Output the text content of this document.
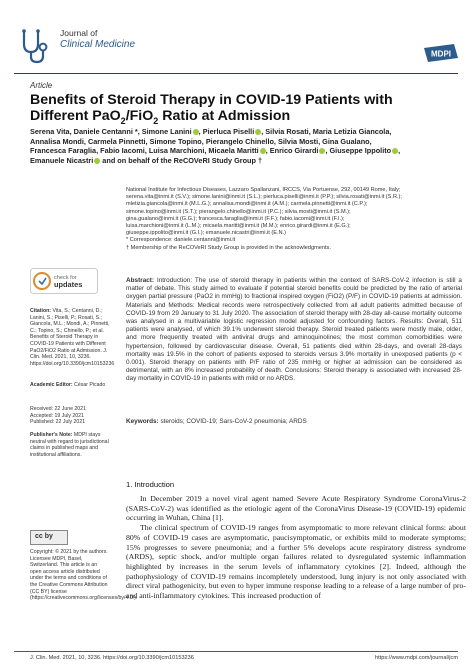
Journal of
Clinical Medicine
MDPI
Article
Benefits of Steroid Therapy in COVID-19 Patients with
Different PaO$_2$/FiO$_2$ Ratio at Admission
Serena Vita, Daniele Centanni *, Simone Lanini , Pierluca Piselli , Silvia Rosati, Maria Letizia Giancola,
Annalisa Mondi, Carmela Pinnetti, Simone Topino, Pierangelo Chinello, Silvia Mosti, Gina Gualano,
Francesca Faraglia, Fabio Iacomi, Luisa Marchioni, Micaela Maritti , Enrico Girardi , Giuseppe Ippolito ,
Emanuele Nicastri and on behalf of the ReCOVeRI Study Group †
check for
updates
Citation: Vita, S.; Centanni, D.; Lanini, S.; Piselli, P.; Rosati, S.; Giancola, M.L.; Mondi, A.; Pinnetti, C.; Topino, S.; Chinello, P.; et al. Benefits of Steroid Therapy in COVID-19 Patients with Different PaO2/FiO2 Ratio at Admission. J. Clin. Med. 2021, 10, 3236. https://doi.org/10.3390/jcm10153236
Academic Editor: César Picado
Received: 22 June 2021
Accepted: 19 July 2021
Published: 22 July 2021
Publisher's Note: MDPI stays neutral with regard to jurisdictional claims in published maps and institutional affiliations.
cc by
Copyright: © 2021 by the authors. Licensee MDPI, Basel, Switzerland. This article is an open access article distributed under the terms and conditions of the Creative Commons Attribution (CC BY) license (https://creativecommons.org/licenses/by/4.0/).
National Institute for Infectious Diseases, Lazzaro Spallanzani, IRCCS, Via Portuense, 292, 00149 Rome, Italy;
serena.vita@inmi.it (S.V.); simone.lanini@inmi.it (S.L.); pierluca.piselli@inmi.it (P.P.); silvia.rosati@inmi.it (S.R.);
mletizia.giancola@inmi.it (M.L.G.); annalisa.mondi@inmi.it (A.M.); carmela.pinnetti@inmi.it (C.P.);
simone.topino@inmi.it (S.T.); pierangelo.chinello@inmi.it (P.C.); silvia.mosti@inmi.it (S.M.);
gina.gualano@inmi.it (G.G.); francesca.faraglia@inmi.it (F.F.); fabio.iacomi@inmi.it (F.I.);
luisa.marchioni@inmi.it (L.M.); micaela.maritti@inmi.it (M.M.); enrico.girardi@inmi.it (E.G.);
giuseppe.ippolito@inmi.it (G.I.); emanuele.nicastri@inmi.it (E.N.)
* Correspondence: daniele.centanni@inmi.it
† Membership of the ReCOVeRI Study Group is provided in the acknowledgments.
Abstract: Introduction: The use of steroid therapy in patients within the context of SARS-CoV-2 infection is still a matter of debate. This study aimed to evaluate if potential steroid benefits could be predicted by the ratio of arterial oxygen partial pressure (PaO2 in mmHg) to fractional inspired oxygen (FiO2) (P/F) in COVID-19 patients at admission. Materials and Methods: Medical records were retrospectively collected from all adult patients admitted because of COVID-19 from 29 January to 31 July 2020. The association of steroid therapy with 28-day all-cause mortality outcome was analysed in a multivariable logistic regression model adjusted for confounding factors. Results: Overall, 511 patients were analysed, of which 39.1% underwent steroid therapy. Steroid treated patients were mostly male, older, and more frequently treated with antiviral drugs and aminoquinolines; the most common comorbidities were hypertension, followed by cardiovascular disease. Overall, 51 patients died within 28-days, and overall 28-days mortality was 19.5% in the cohort of patients exposed to steroids versus 3.9% mortality in unexposed patients (p < 0.001). Steroid therapy on patients with P/F ratio of 235 mmHg or higher at admission can be considered as detrimental, with an 8% increased probability of death. Conclusions: Steroid therapy is associated with increased 28-day mortality in COVID-19 in patients with mild or no ARDS.
Keywords: steroids; COVID-19; Sars-CoV-2 pneumonia; ARDS
1. Introduction

In December 2019 a novel viral agent named Severe Acute Respiratory Syndrome CoronaVirus-2 (SARS-CoV-2) was identified as the etiologic agent of the CoronaVirus Disease-19 (COVID-19) epidemic occurring in Wuhan, China [1].

The clinical spectrum of COVID-19 ranges from asymptomatic to more relevant clinical forms: about 80% of COVID-19 cases are asymptomatic, paucisymptomatic, or exhibits mild to moderate symptoms; 15% progresses to severe pneumonia; and a further 5% develops acute respiratory distress syndrome (ARDS), septic shock, and/or multiple organ failures related to dysregulated systemic inflammation highlighted by increases in the serum levels of inflammatory cytokines [2]. Indeed, although the pathophysiology of COVID-19 remains incompletely understood, lung injury is not only associated with direct viral pathogenicity, but even to hyper immune response leading to a release of a large number of pro- and anti-inflammatory cytokines. This increased production of

J. Clin. Med. 2021, 10, 3236. https://doi.org/10.3390/jcm10153236	https://www.mdpi.com/journal/jcm
